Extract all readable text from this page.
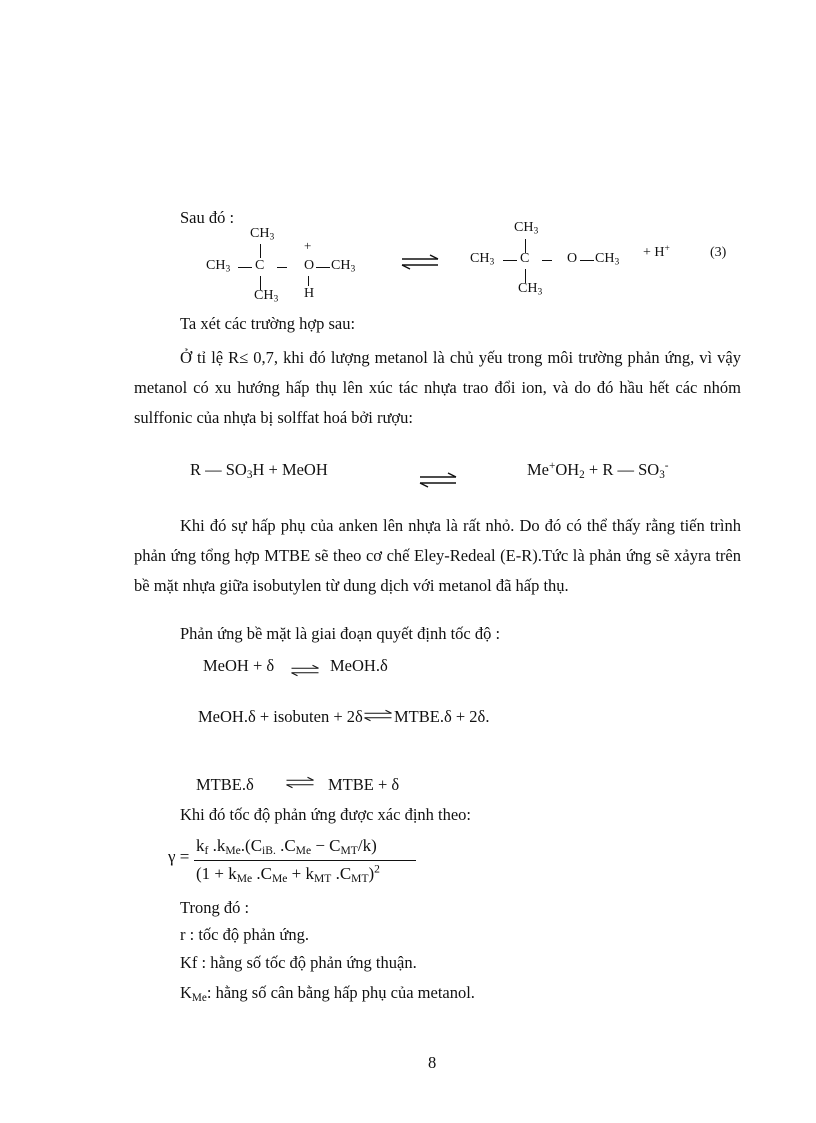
Sau đó :
$CH_3$
+
$CH_3$ C	O $CH_3$
$CH_3$ H
$CH_3$
$CH_3$ C	O $CH_3$
+ H+
$CH_3$
(3)
Ta xét các trường hợp sau:
Ở tỉ lệ R≤ 0,7, khi đó lượng metanol là chủ yếu trong môi trường phản ứng, vì vậy metanol có xu hướng hấp thụ lên xúc tác nhựa trao đổi ion, và do đó hầu hết các nhóm sulffonic của nhựa bị solffat hoá bởi rượu:
R — $SO_3H$ + MeOH	$Me^+OH_2 + R$ — $SO_3^-$
Khi đó sự hấp phụ của anken lên nhựa là rất nhỏ. Do đó có thể thấy rằng tiến trình phản ứng tổng hợp MTBE sẽ theo cơ chế Eley-Redeal (E-R).Tức là phản ứng sẽ xảyra trên bề mặt nhựa giữa isobutylen từ dung dịch với metanol đã hấp thụ.
Phản ứng bề mặt là giai đoạn quyết định tốc độ :
MeOH + δ	MeOH.δ
MeOH.δ + isobuten + 2δ MTBE.δ + 2δ.
MTBE.δ	MTBE + δ
Khi đó tốc độ phản ứng được xác định theo:
γ =
$k_f$ $.k_{Me}.(C_{iB.}$ $.C_{Me} - C_{MT}/k$)
($1 + k_{Me}$ $.C_{Me} + k_{MT}$ $.C_{MT})^2$
Trong đó :
r : tốc độ phản ứng.
Kf : hằng số tốc độ phản ứng thuận.
$K_{Me}$: hằng số cân bằng hấp phụ của metanol.
8
